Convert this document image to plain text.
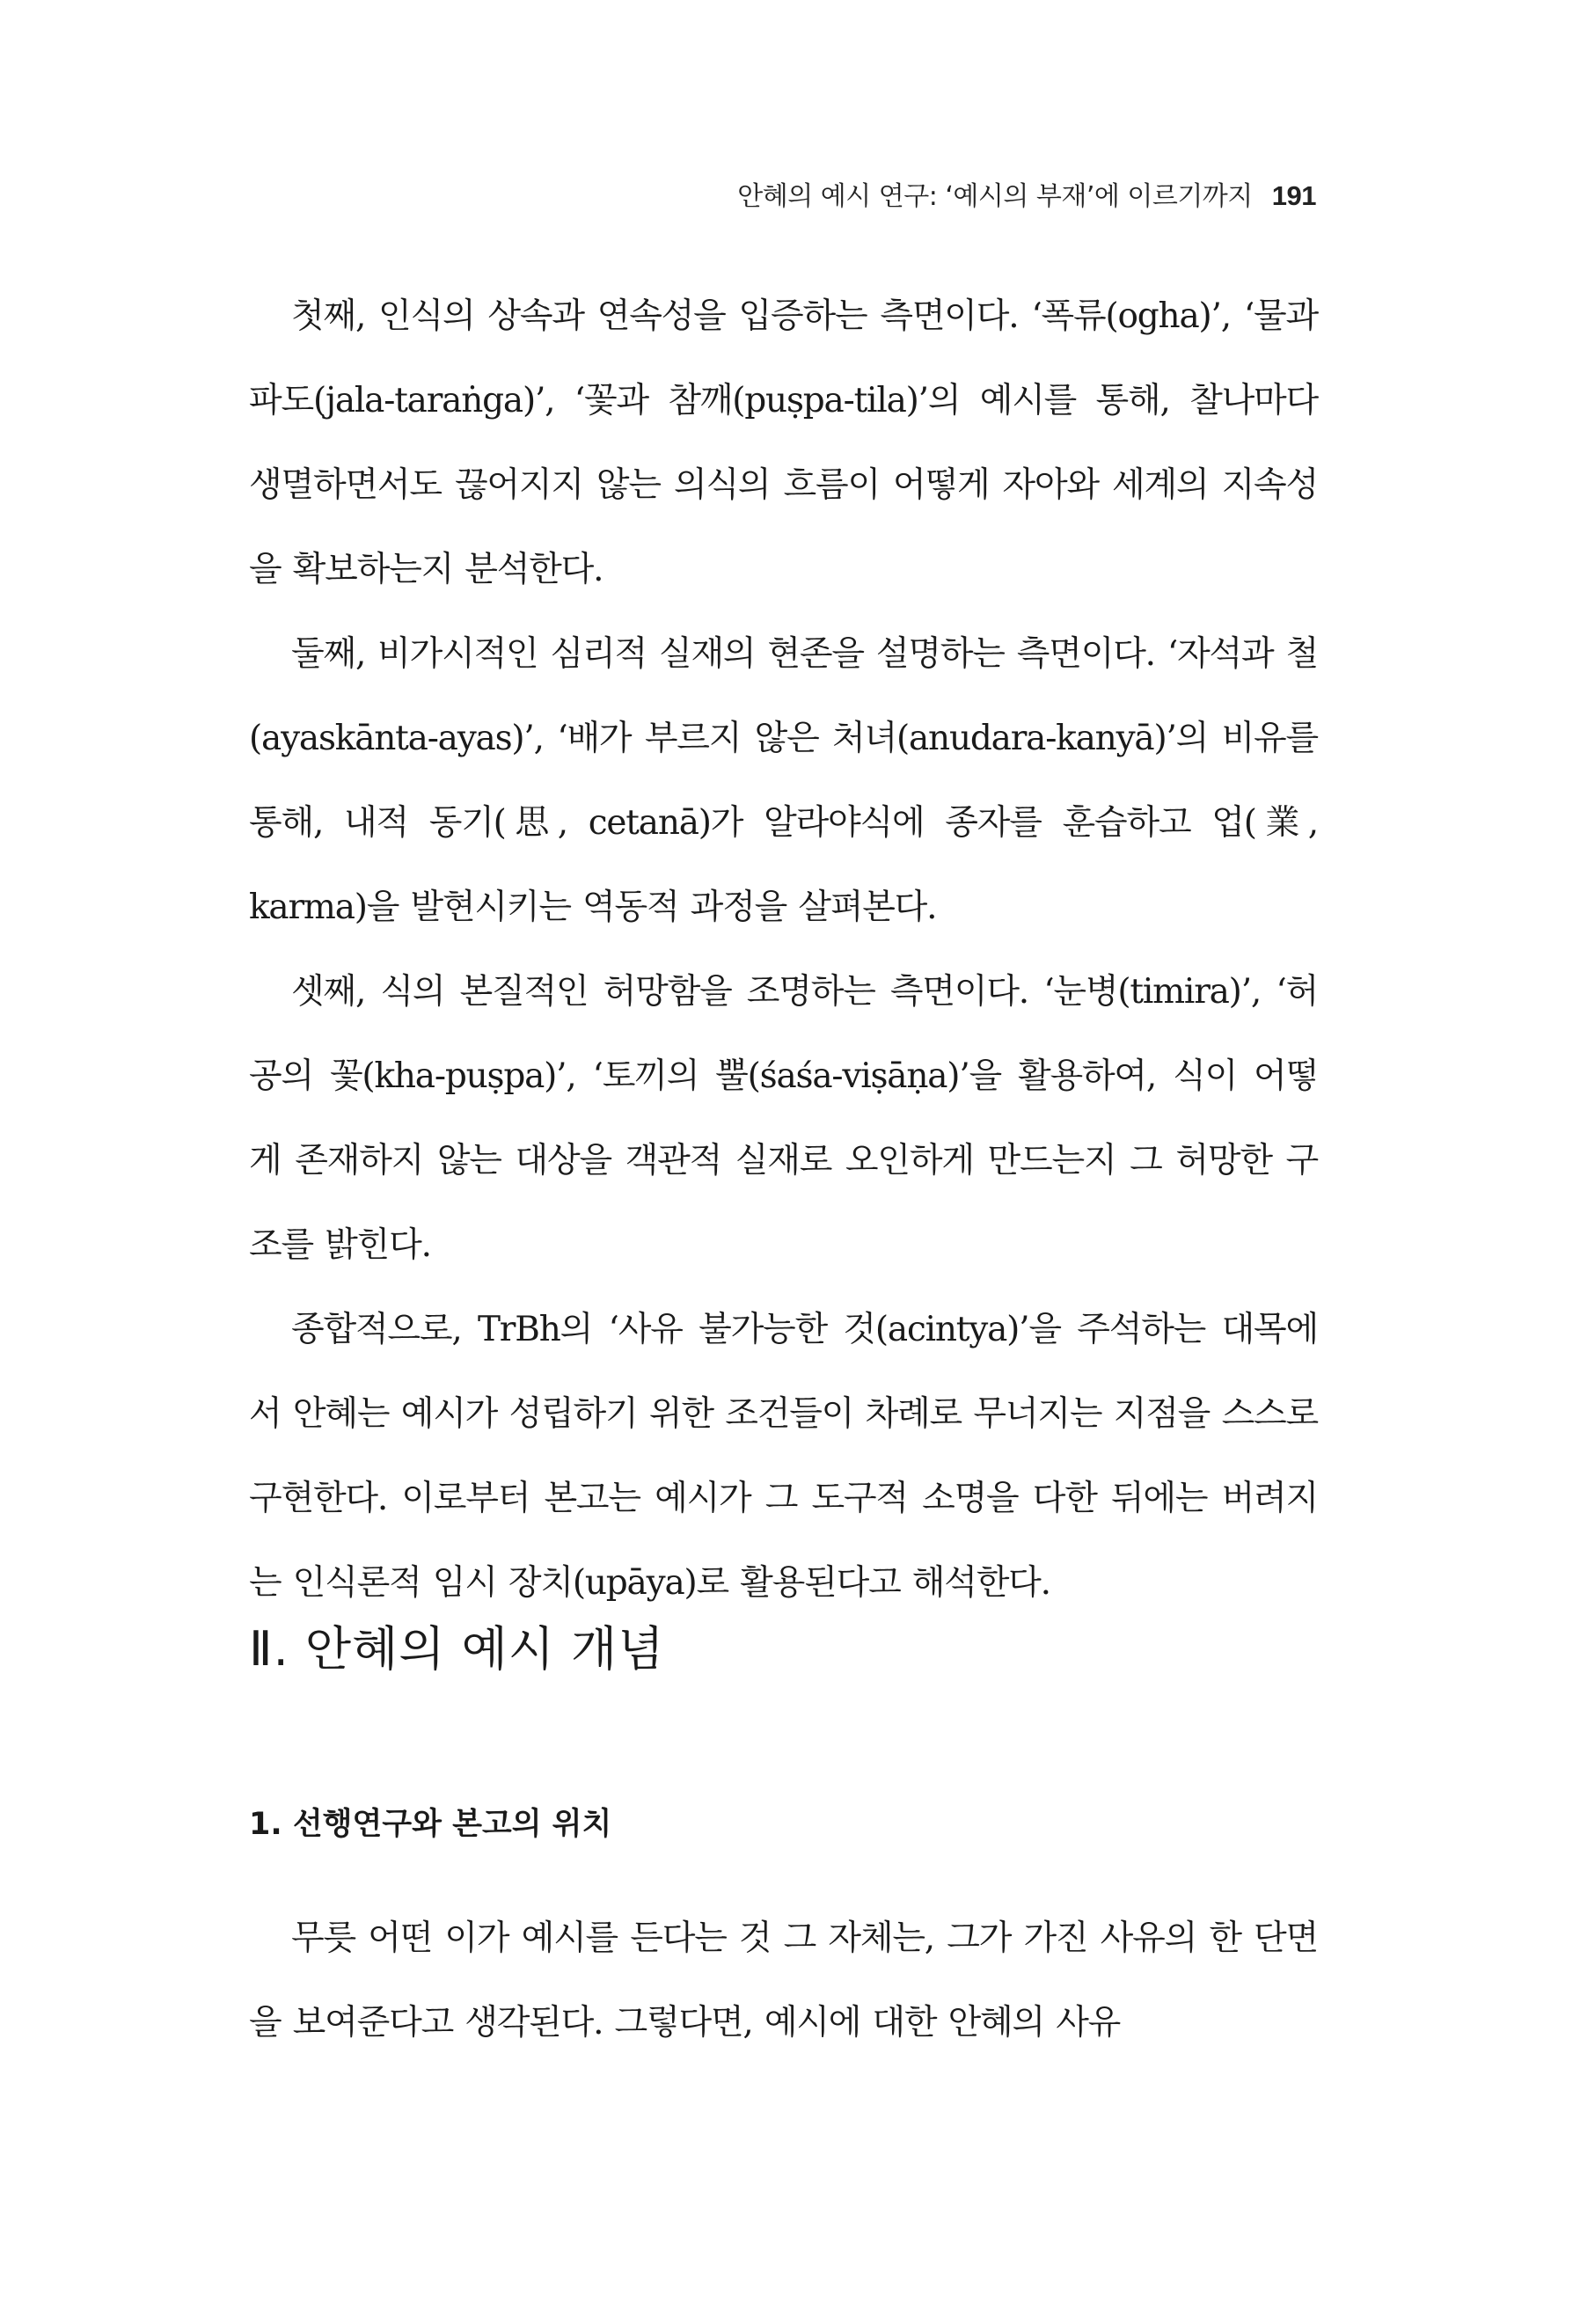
안혜의 예시 연구: ‘예시의 부재’에 이르기까지 191

첫째, 인식의 상속과 연속성을 입증하는 측면이다. ‘폭류(ogha)’, ‘물과 파도(jala-taraṅga)’, ‘꽃과 참깨(puṣpa-tila)’의 예시를 통해, 찰나마다 생멸하면서도 끊어지지 않는 의식의 흐름이 어떻게 자아와 세계의 지속성을 확보하는지 분석한다.

둘째, 비가시적인 심리적 실재의 현존을 설명하는 측면이다. ‘자석과 철(ayaskānta-ayas)’, ‘배가 부르지 않은 처녀(anudara-kanyā)’의 비유를 통해, 내적 동기(思, cetanā)가 알라야식에 종자를 훈습하고 업(業, karma)을 발현시키는 역동적 과정을 살펴본다.

셋째, 식의 본질적인 허망함을 조명하는 측면이다. ‘눈병(timira)’, ‘허공의 꽃(kha-puṣpa)’, ‘토끼의 뿔(śaśa-viṣāṇa)’을 활용하여, 식이 어떻게 존재하지 않는 대상을 객관적 실재로 오인하게 만드는지 그 허망한 구조를 밝힌다.

종합적으로, TrBh의 ‘사유 불가능한 것(acintya)’을 주석하는 대목에서 안혜는 예시가 성립하기 위한 조건들이 차례로 무너지는 지점을 스스로 구현한다. 이로부터 본고는 예시가 그 도구적 소명을 다한 뒤에는 버려지는 인식론적 임시 장치(upāya)로 활용된다고 해석한다.

Ⅱ. 안혜의 예시 개념
1. 선행연구와 본고의 위치

무릇 어떤 이가 예시를 든다는 것 그 자체는, 그가 가진 사유의 한 단면을 보여준다고 생각된다. 그렇다면, 예시에 대한 안혜의 사유
